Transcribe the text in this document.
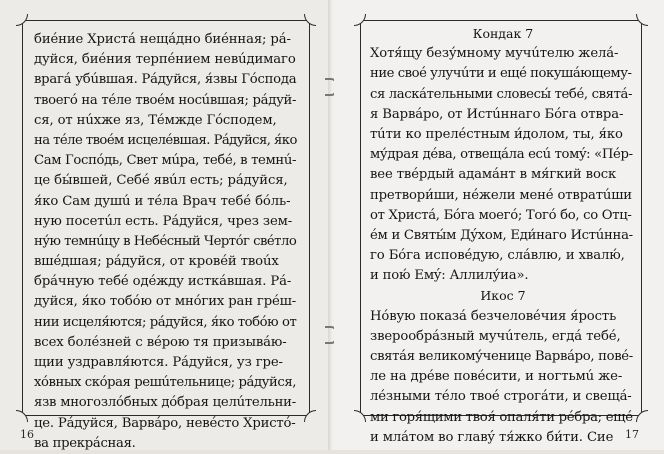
биéние Христá нещáдно биéнная; рá-
дуйся, биéния терпéнием невúдимаго
врагá убúвшая. Рáдуйся, я́звы Гóспода
твоегó на тéле твоéм носúвшая; рáдуй-
ся, от нúхже яз, Тéмжде Гóсподем,
на тéле твоéм исцелéвшая. Рáдуйся, я́ко
Сам Госпóдь, Свет мúра, тебé, в темнú-
це бы́вшей, Себé явúл есть; рáдуйся,
я́ко Сам душú и тéла Врач тебé бóль-
ную посетúл есть. Рáдуйся, чрез зем-
ну́ю темнúцу в Небéсный Чертóг свéтло
вшéдшая; рáдуйся, от кровéй твоúх
брáчную тебé одéжду исткáвшая. Рá-
дуйся, я́ко тобóю от мнóгих ран грéш-
нии исцеля́ются; рáдуйся, я́ко тобóю от
всех болéзней с вéрою тя призывáю-
щии уздравля́ются. Рáдуйся, уз гре-
хóвных скóрая решúтельнице; рáдуйся,
язв многозлóбных дóбрая целúтельни-
це. Рáдуйся, Варвáро, невéсто Христó-
ва прекрáсная.
16
Кондак 7
Хотя́щу безу́мному мучúтелю желá-
ние своé улучúти и ещé покушáющему-
ся ласкáтельными словесы́ тебé, святá-
я Варвáро, от Истúннаго Бóга отвра-
тúти ко прелéстным и́долом, ты, я́ко
му́драя дéва, отвещáла есú томý: «Пéр-
вее твéрдый адамáнт в мя́гкий воск
претвори́ши, нéжели менé отвратúши
от Христá, Бóга моегó; Тогó бо, со Отц-
éм и Святы́м Дýхом, Еди́наго Истúнна-
го Бóга исповéдую, слáвлю, и хвалю́,
и пою́ Емý: Аллилу́иа».
Икос 7
Нóвую показá безчеловéчия я́рость
зверообрáзный мучúтель, егдá тебé,
святáя великому́ченице Варвáро, повé-
ле на дрéве повéсити, и ногтьмú же-
лéзными тéло твоé строгáти, и свещá-
ми горя́щими твоя́ опаля́ти рéбра; ещé
и млáтом во главý тя́жко би́ти. Сие	17
